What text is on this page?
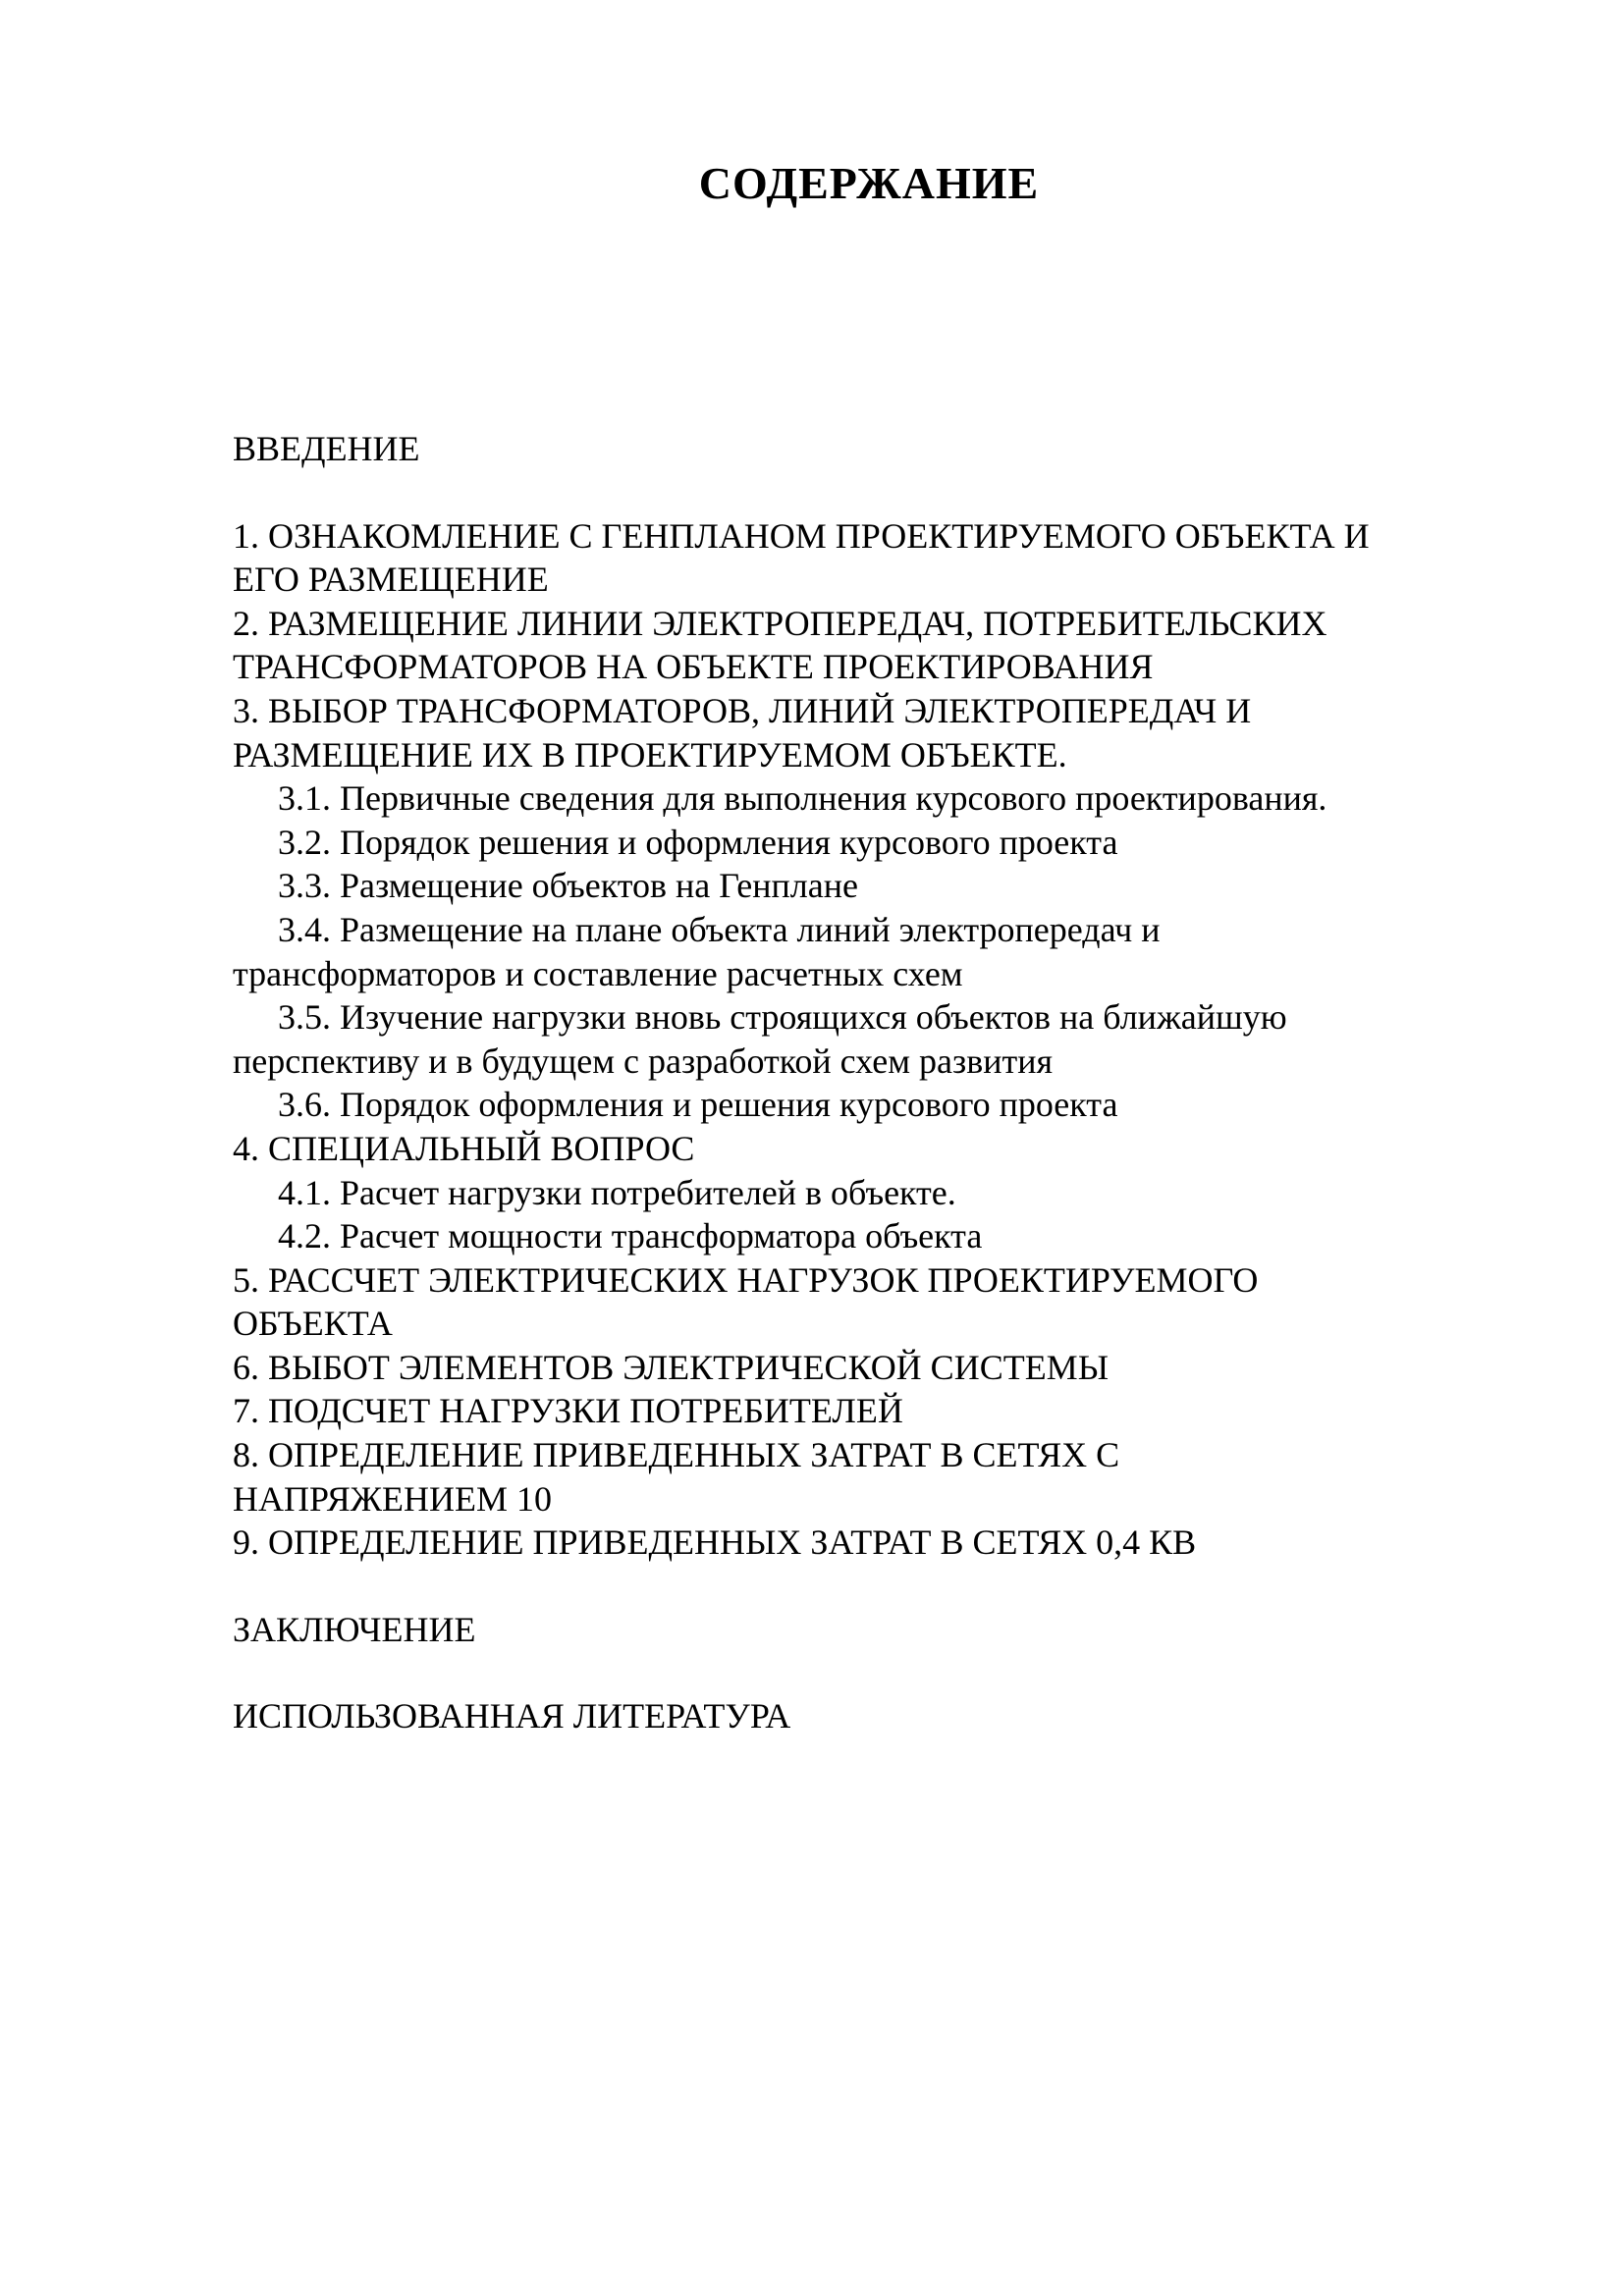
СОДЕРЖАНИЕ
ВВЕДЕНИЕ
1. ОЗНАКОМЛЕНИЕ С ГЕНПЛАНОМ ПРОЕКТИРУЕМОГО ОБЪЕКТА И
ЕГО РАЗМЕЩЕНИЕ
2. РАЗМЕЩЕНИЕ ЛИНИИ ЭЛЕКТРОПЕРЕДАЧ, ПОТРЕБИТЕЛЬСКИХ
ТРАНСФОРМАТОРОВ НА ОБЪЕКТЕ ПРОЕКТИРОВАНИЯ
3. ВЫБОР ТРАНСФОРМАТОРОВ, ЛИНИЙ ЭЛЕКТРОПЕРЕДАЧ И
РАЗМЕЩЕНИЕ ИХ В ПРОЕКТИРУЕМОМ ОБЪЕКТЕ.
3.1. Первичные сведения для выполнения курсового проектирования.
3.2. Порядок решения и оформления курсового проекта
3.3. Размещение объектов на Генплане
3.4. Размещение на плане объекта линий электропередач и
трансформаторов и составление расчетных схем
3.5. Изучение нагрузки вновь строящихся объектов на ближайшую
перспективу и в будущем с разработкой схем развития
3.6. Порядок оформления и решения курсового проекта
4. СПЕЦИАЛЬНЫЙ ВОПРОС
4.1. Расчет нагрузки потребителей в объекте.
4.2. Расчет мощности трансформатора объекта
5. РАССЧЕТ ЭЛЕКТРИЧЕСКИХ НАГРУЗОК ПРОЕКТИРУЕМОГО
ОБЪЕКТА
6. ВЫБОТ ЭЛЕМЕНТОВ ЭЛЕКТРИЧЕСКОЙ СИСТЕМЫ
7. ПОДСЧЕТ НАГРУЗКИ ПОТРЕБИТЕЛЕЙ
8. ОПРЕДЕЛЕНИЕ ПРИВЕДЕННЫХ ЗАТРАТ В СЕТЯХ С
НАПРЯЖЕНИЕМ 10
9. ОПРЕДЕЛЕНИЕ ПРИВЕДЕННЫХ ЗАТРАТ В СЕТЯХ 0,4 КВ
ЗАКЛЮЧЕНИЕ
ИСПОЛЬЗОВАННАЯ ЛИТЕРАТУРА
